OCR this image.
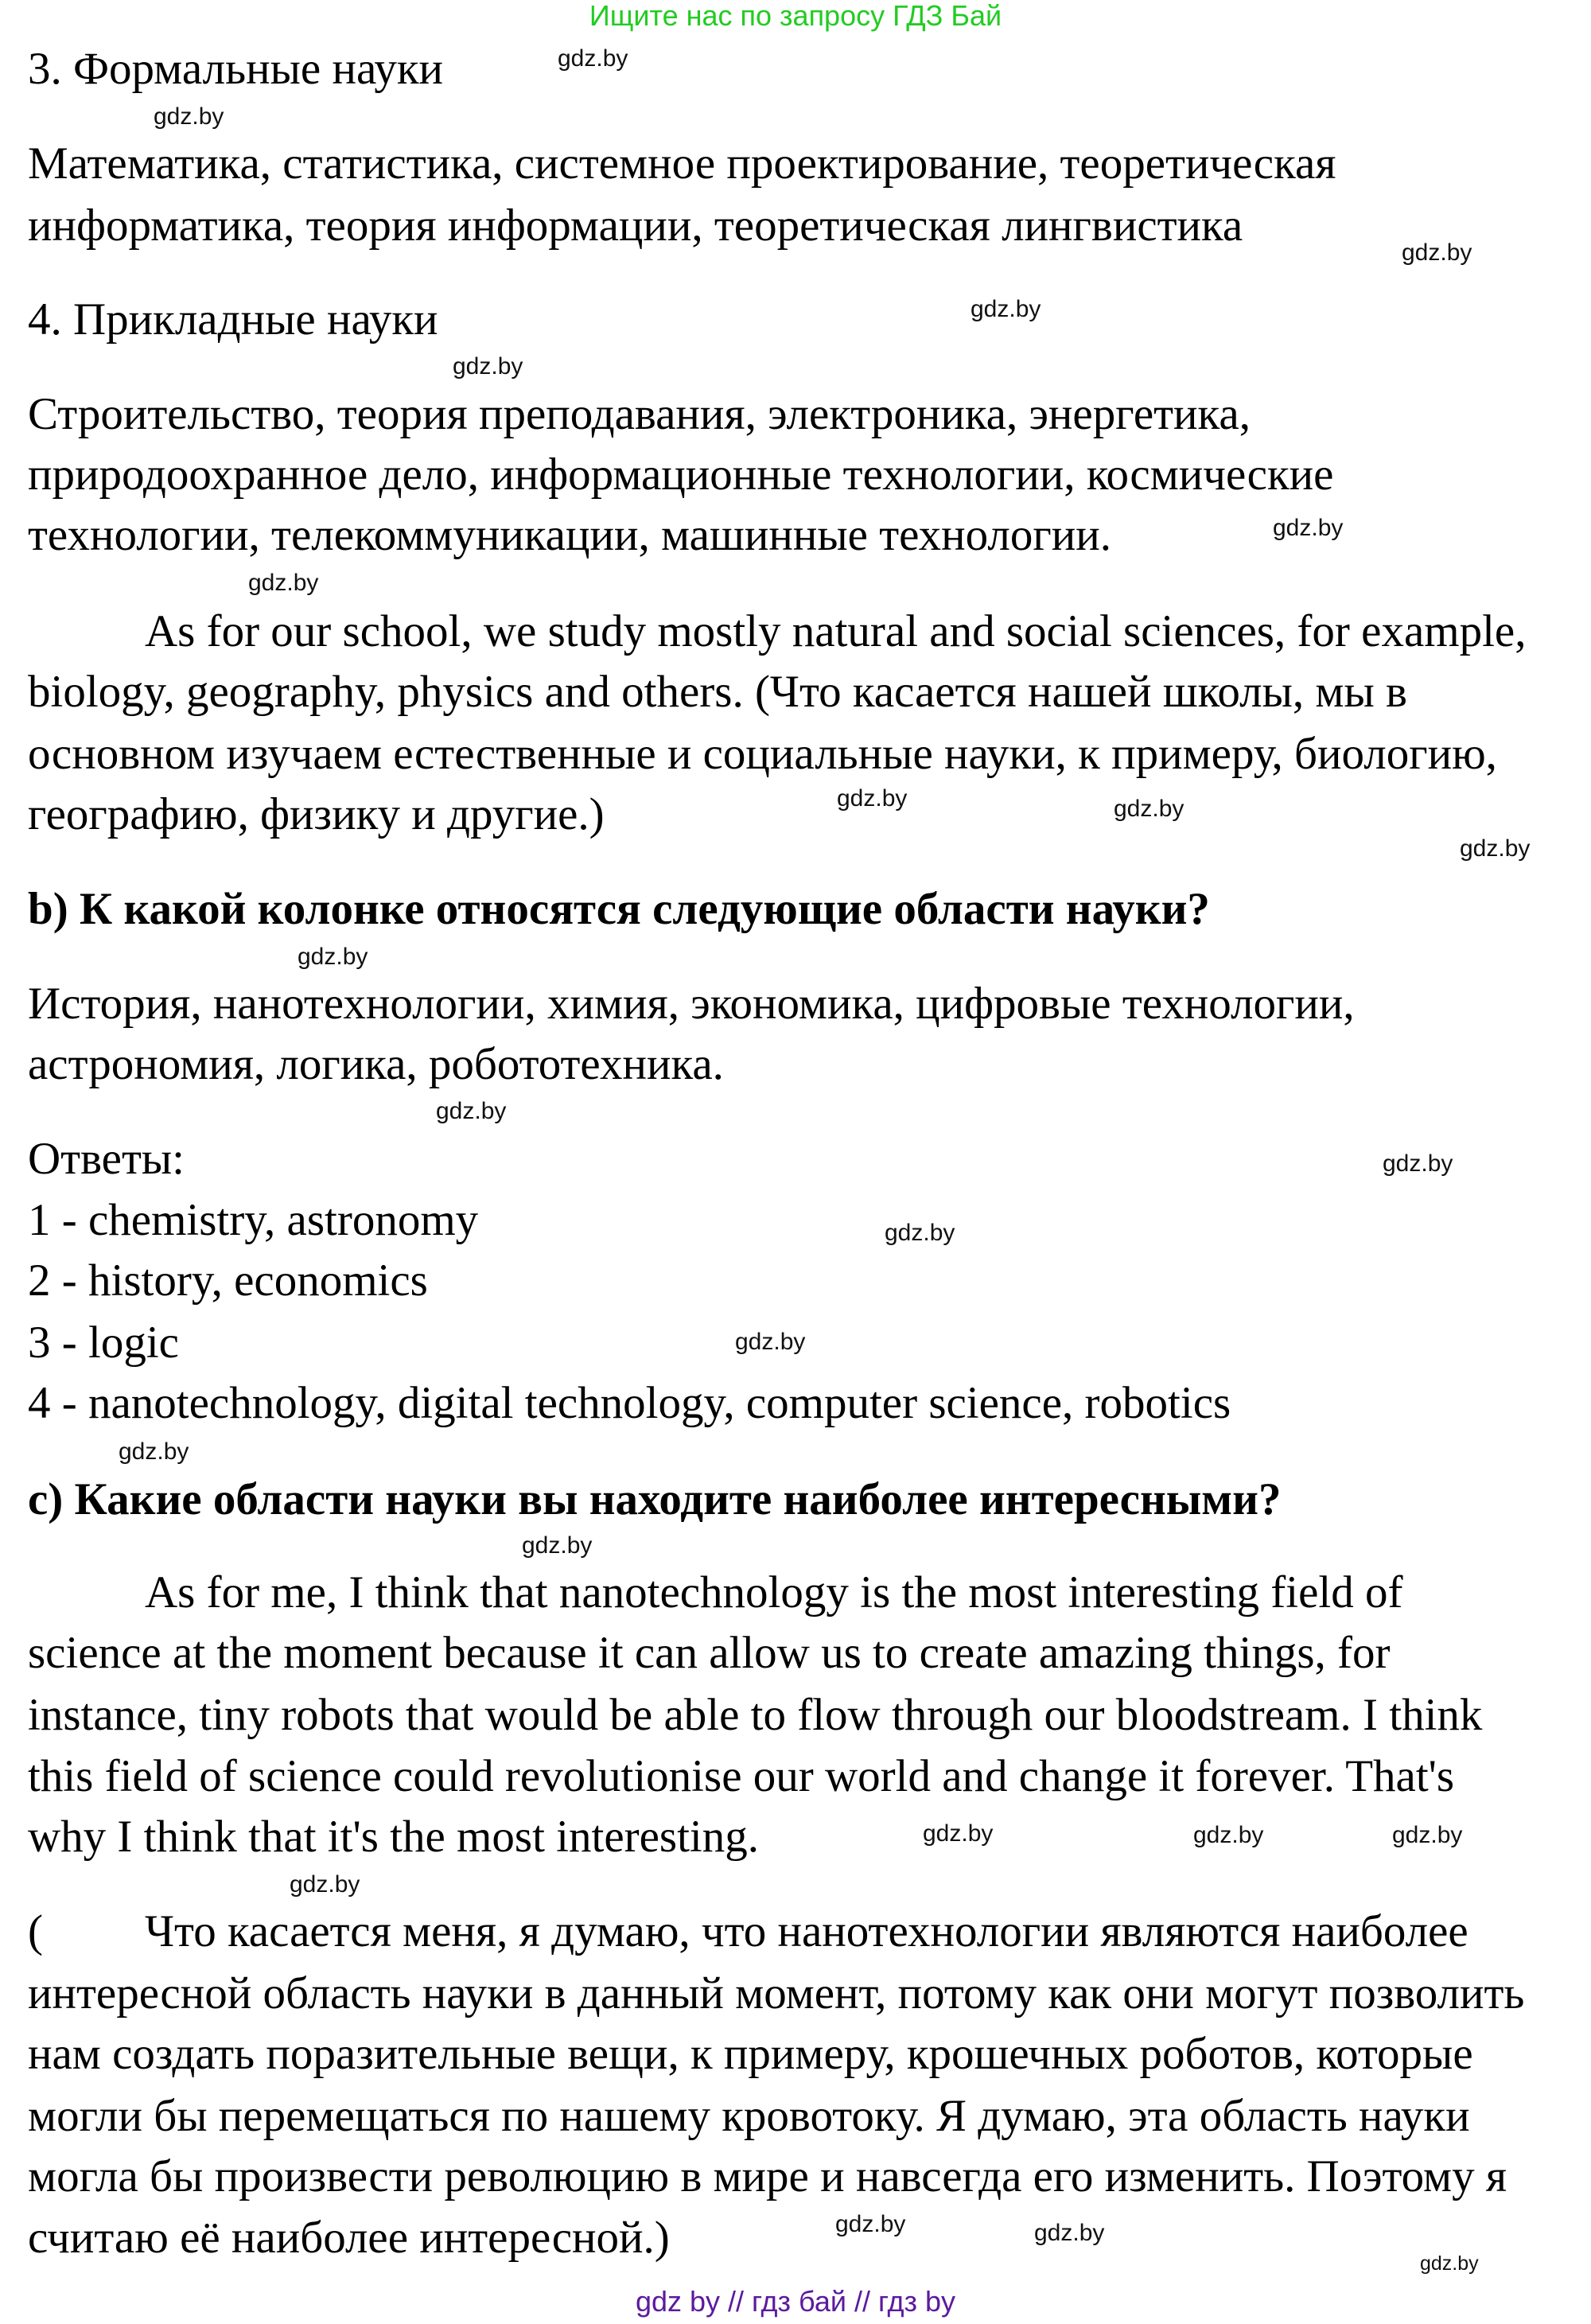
Ищите нас по запросу ГДЗ Бай
3. Формальные науки
Математика, статистика, системное проектирование, теоретическая
информатика, теория информации, теоретическая лингвистика
4. Прикладные науки
Строительство, теория преподавания, электроника, энергетика,
природоохранное дело, информационные технологии, космические
технологии, телекоммуникации, машинные технологии.
As for our school, we study mostly natural and social sciences, for example,
biology, geography, physics and others. (Что касается нашей школы, мы в
основном изучаем естественные и социальные науки, к примеру, биологию,
географию, физику и другие.)
b) К какой колонке относятся следующие области науки?
История, нанотехнологии, химия, экономика, цифровые технологии,
астрономия, логика, робототехника.
Ответы:
1 - chemistry, astronomy
2 - history, economics
3 - logic
4 - nanotechnology, digital technology, computer science, robotics
c) Какие области науки вы находите наиболее интересными?
As for me, I think that nanotechnology is the most interesting field of
science at the moment because it can allow us to create amazing things, for
instance, tiny robots that would be able to flow through our bloodstream. I think
this field of science could revolutionise our world and change it forever. That's
why I think that it's the most interesting.
( Что касается меня, я думаю, что нанотехнологии являются наиболее
интересной область науки в данный момент, потому как они могут позволить
нам создать поразительные вещи, к примеру, крошечных роботов, которые
могли бы перемещаться по нашему кровотоку. Я думаю, эта область науки
могла бы произвести революцию в мире и навсегда его изменить. Поэтому я
считаю её наиболее интересной.)
gdz.by
gdz.by
gdz.by
gdz.by
gdz.by
gdz.by
gdz.by
gdz.by
gdz.by
gdz.by
gdz.by
gdz.by
gdz.by
gdz.by
gdz.by
gdz.by
gdz.by
gdz.by
gdz.by
gdz.by	gdz.by
gdz.by
gdz.by
gdz.by
gdz by // гдз бай // гдз by
